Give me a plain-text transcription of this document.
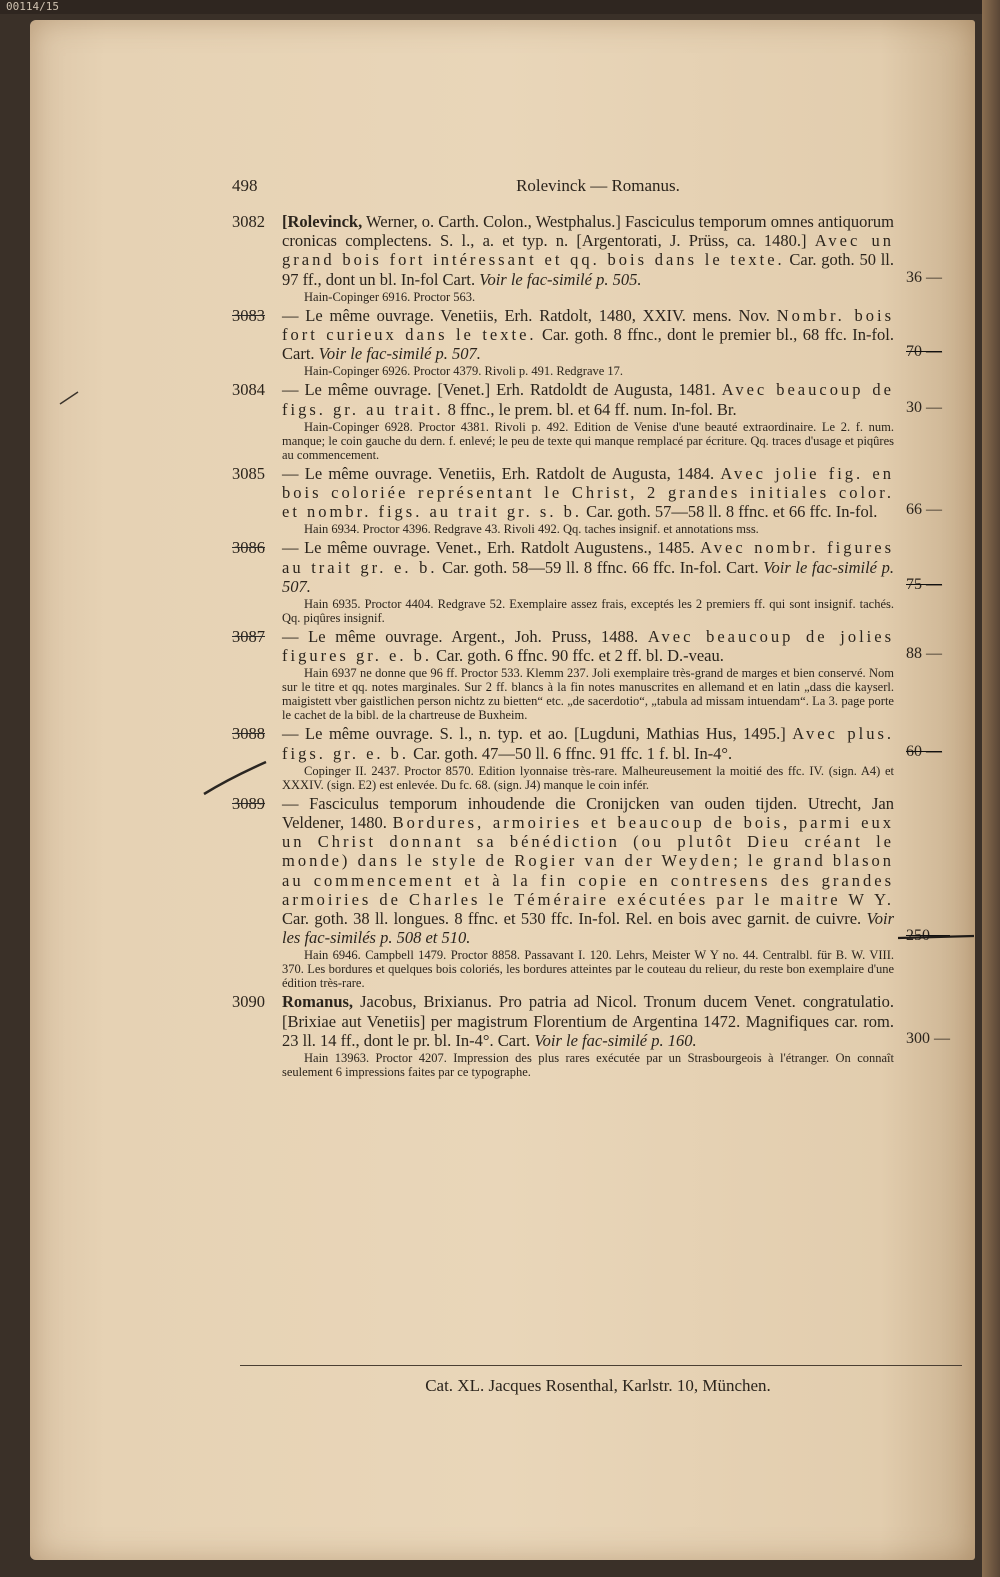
00114/15
498	Rolevinck — Romanus.
3082 [Rolevinck, Werner, o. Carth. Colon., Westphalus.] Fasciculus temporum omnes antiquorum cronicas complectens. S. l., a. et typ. n. [Argentorati, J. Prüss, ca. 1480.] Avec un grand bois fort intéressant et qq. bois dans le texte. Car. goth. 50 ll. 97 ff., dont un bl. In-fol Cart. Voir le fac-similé p. 505.
Hain-Copinger 6916. Proctor 563.
3083 — Le même ouvrage. Venetiis, Erh. Ratdolt, 1480, XXIV. mens. Nov. Nombr. bois fort curieux dans le texte. Car. goth. 8 ffnc., dont le premier bl., 68 ffc. In-fol. Cart. Voir le fac-similé p. 507.
Hain-Copinger 6926. Proctor 4379. Rivoli p. 491. Redgrave 17.
3084 — Le même ouvrage. [Venet.] Erh. Ratdoldt de Augusta, 1481. Avec beaucoup de figs. gr. au trait. 8 ffnc., le prem. bl. et 64 ff. num. In-fol. Br.
Hain-Copinger 6928. Proctor 4381. Rivoli p. 492. Edition de Venise d'une beauté extraordinaire. Le 2. f. num. manque; le coin gauche du dern. f. enlevé; le peu de texte qui manque remplacé par écriture. Qq. traces d'usage et piqûres au commencement.
3085 — Le même ouvrage. Venetiis, Erh. Ratdolt de Augusta, 1484. Avec jolie fig. en bois coloriée représentant le Christ, 2 grandes initiales color. et nombr. figs. au trait gr. s. b. Car. goth. 57—58 ll. 8 ffnc. et 66 ffc. In-fol.
Hain 6934. Proctor 4396. Redgrave 43. Rivoli 492. Qq. taches insignif. et annotations mss.
3086 — Le même ouvrage. Venet., Erh. Ratdolt Augustens., 1485. Avec nombr. figures au trait gr. e. b. Car. goth. 58—59 ll. 8 ffnc. 66 ffc. In-fol. Cart. Voir le fac-similé p. 507.
Hain 6935. Proctor 4404. Redgrave 52. Exemplaire assez frais, exceptés les 2 premiers ff. qui sont insignif. tachés. Qq. piqûres insignif.
3087 — Le même ouvrage. Argent., Joh. Pruss, 1488. Avec beaucoup de jolies figures gr. e. b. Car. goth. 6 ffnc. 90 ffc. et 2 ff. bl. D.-veau.
Hain 6937 ne donne que 96 ff. Proctor 533. Klemm 237. Joli exemplaire très-grand de marges et bien conservé. Nom sur le titre et qq. notes marginales. Sur 2 ff. blancs à la fin notes manuscrites en allemand et en latin „dass die kayserl. maigistett vber gaistlichen person nichtz zu bietten“ etc. „de sacerdotio“, „tabula ad missam intuendam“. La 3. page porte le cachet de la bibl. de la chartreuse de Buxheim.
3088 — Le même ouvrage. S. l., n. typ. et ao. [Lugduni, Mathias Hus, 1495.] Avec plus. figs. gr. e. b. Car. goth. 47—50 ll. 6 ffnc. 91 ffc. 1 f. bl. In-4°.
Copinger II. 2437. Proctor 8570. Edition lyonnaise très-rare. Malheureusement la moitié des ffc. IV. (sign. A4) et XXXIV. (sign. E2) est enlevée. Du fc. 68. (sign. J4) manque le coin infér.
3089 — Fasciculus temporum inhoudende die Cronijcken van ouden tijden. Utrecht, Jan Veldener, 1480. Bordures, armoiries et beaucoup de bois, parmi eux un Christ donnant sa bénédiction (ou plutôt Dieu créant le monde) dans le style de Rogier van der Weyden; le grand blason au commencement et à la fin copie en contresens des grandes armoiries de Charles le Téméraire exécutées par le maitre W Y. Car. goth. 38 ll. longues. 8 ffnc. et 530 ffc. In-fol. Rel. en bois avec garnit. de cuivre. Voir les fac-similés p. 508 et 510.
Hain 6946. Campbell 1479. Proctor 8858. Passavant I. 120. Lehrs, Meister W Y no. 44. Centralbl. für B. W. VIII. 370. Les bordures et quelques bois coloriés, les bordures atteintes par le couteau du relieur, du reste bon exemplaire d'une édition très-rare.
3090 Romanus, Jacobus, Brixianus. Pro patria ad Nicol. Tronum ducem Venet. congratulatio. [Brixiae aut Venetiis] per magistrum Florentium de Argentina 1472. Magnifiques car. rom. 23 ll. 14 ff., dont le pr. bl. In-4°. Cart. Voir le fac-similé p. 160.
Hain 13963. Proctor 4207. Impression des plus rares exécutée par un Strasbourgeois à l'étranger. On connaît seulement 6 impressions faites par ce typographe.
36 —
70 —
30 —
66 —
75 —
88 —
60 —
250 —
300 —
Cat. XL. Jacques Rosenthal, Karlstr. 10, München.
